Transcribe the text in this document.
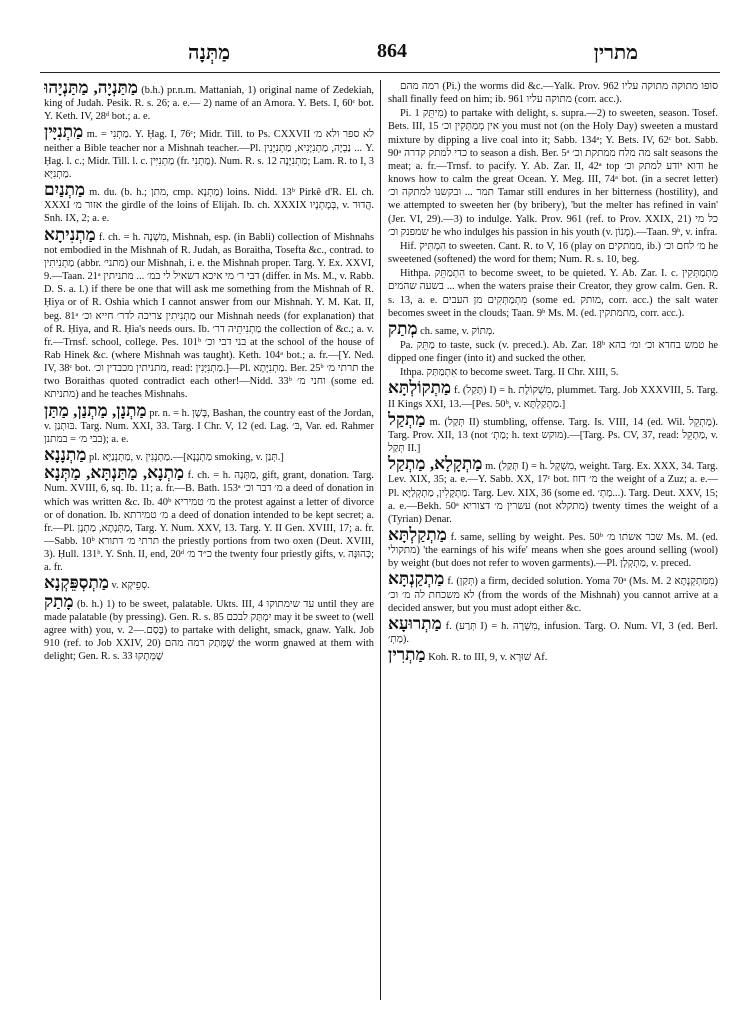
מַתְּנָה	864	מתרין
מַתַּנְיָה, מַתַּנְיָהוּ (b.h.) pr.n.m. Mattaniah, 1) original name of Zedekiah, king of Judah. Pesik. R. s. 26; a. e.— 2) name of an Amora. Y. Bets. I, 60ᶜ bot. Y. Keth. IV, 28ᵈ bot.; a. e.
מַתְנִיָּין m. = מַתְנִי. Y. Ḥag. I, 76ᶜ; Midr. Till. to Ps. CXXVII לא ספר ולא מ׳ neither a Bible teacher nor a Mishnah teacher.—Pl. נַבְיָה, מַתְנִיָּנִיא, מַתְנִיָּנִין ... Y. Ḥag. l. c.; Midr. Till. l. c. מַתְנִיִּין (fr. מַתְנִי). Num. R. s. 12 מַתְנִיָּנָה; Lam. R. to I, 3 מַתְנִיָּא.
מַתְנַיִם m. du. (b. h.; מתן, cmp. מַתְנָא) loins. Nidd. 13ᵇ Pirkê d'R. El. ch. XXXI אזור מ׳ the girdle of the loins of Elijah. Ib. ch. XXXIX בְּמָתְנָיו, v. הֲדוּר. Snh. IX, 2; a. e.
מַתְנִיתָא f. ch. = h. מִשְׁנָה, Mishnah, esp. (in Babli) collection of Mishnahs not embodied in the Mishnah of R. Judah, as Boraitha, Tosefta &c., contrad. to מַתְנִיתִין (abbr. מתני׳) our Mishnah, i. e. the Mishnah proper. Targ. Y. Ex. XXVI, 9.—Taan. 21ᵃ דבי ר׳ מי איכא דשאיל לי במ׳ ... מתניתין (differ. in Ms. M., v. Rabb. D. S. a. l.) if there be one that will ask me something from the Mishnah of R. Ḥiya or of R. Oshia which I cannot answer from our Mishnah. Y. M. Kat. II, beg. 81ᵃ מַתְנִיתִין צריכה לדר׳ חייא וכ׳ our Mishnah needs (for explanation) that of R. Ḥiya, and R. Ḥia's needs ours. Ib. מַתְנִיתֵיה דר׳ the collection of &c.; a. v. fr.—Trnsf. school, college. Pes. 101ᵇ בני דבי וכ׳ at the school of the house of Rab Hinek &c. (where Mishnah was taught). Keth. 104ᵃ bot.; a. fr.—[Y. Ned. IV, 38ᶜ bot. מתניתין מכבדין וכ׳, read: מַתְנִיָּנִין.]—Pl. מַתְנִיָּתָא. Ber. 25ᵇ תרתי מ׳ the two Boraithas quoted contradict each other!—Nidd. 33ᵇ וחני מ׳ (some ed. מתניתא) and he teaches Mishnahs.
מַתְנָן, מַתְנַן, מַתַּן pr. n. = h. בָּשָׁן, Bashan, the country east of the Jordan, v. בּוּתְנַן. Targ. Num. XXI, 33. Targ. I Chr. V, 12 (ed. Lag. בּ׳, Var. ed. Rahmer בבי מ׳ = במתנן); a. e.
מַתְנָנָא pl. מַתְנְנַיָּא, v. מַתְנָנִין.—[מַתְנָנָא smoking, v. תְּנַן.]
מַתְנָא, מַתַּנְתָּא, מַתְּנָא f. ch. = h. מַתָּנָה, gift, grant, donation. Targ. Num. XVIII, 6, sq. Ib. 11; a. fr.—B. Bath. 153ᵃ מ׳ דבר וכ׳ a deed of donation in which was written &c. Ib. 40ᵇ מ׳ טמיריא the protest against a letter of divorce or of donation. Ib. מ׳ טמירתא a deed of donation intended to be kept secret; a. fr.—Pl. מַתְּנָתָא, מַתְנָן, Targ. Y. Num. XXV, 13. Targ. Y. II Gen. XVIII, 17; a. fr.—Sabb. 10ᵇ תרתי מ׳ דתורא the priestly portions from two oxen (Deut. XVIII, 3). Ḥull. 131ᵇ. Y. Snh. II, end, 20ᵈ כ״ד מ׳ the twenty four priestly gifts, v. כְּהוּנָּה; a. fr.
מַתְסְפֵּקְנָא v. סְפֵיקָא.
מָתַק (b. h.) 1) to be sweet, palatable. Ukts. III, 4 עד שימתוקו until they are made palatable (by pressing). Gen. R. s. 85 יִמְתַּק לבכם may it be sweet to (well agree with) you, v. בָּסַם.—2) to partake with delight, smack, gnaw. Yalk. Job 910 (ref. to Job XXIV, 20) שֶׁמָּתַק רמה מהם the worm gnawed at them with delight; Gen. R. s. 33 שֶׁמְּתָקוּ
רמה מהם (Pi.) the worms did &c.—Yalk. Prov. 962 סופו מתוקה מתוקה עליו shall finally feed on him; ib. 961 מתוקה עליו (corr. acc.).
Pi. מִיתֵּק 1) to partake with delight, s. supra.—2) to sweeten, season. Tosef. Bets. III, 15 אין מְמַתְּקִין וכ׳ you must not (on the Holy Day) sweeten a mustard mixture by dipping a live coal into it; Sabb. 134ᵃ; Y. Bets. IV, 62ᶜ bot. Sabb. 90ᵃ כדי למתק קדרה to season a dish. Ber. 5ᵃ מה מלח ממתקת וכ׳ salt seasons the meat; a. fr.—Trnsf. to pacify. Y. Ab. Zar. II, 42ᵃ top ודוא יודע למתק וכ׳ he knows how to calm the great Ocean. Y. Meg. III, 74ᵃ bot. (in a secret letter) תמר ... ובקשנו למתקה וכ׳ Tamar still endures in her bitterness (hostility), and we attempted to sweeten her (by bribery), 'but the melter has refined in vain' (Jer. VI, 29).—3) to indulge. Yalk. Prov. 961 (ref. to Prov. XXIX, 21) כל מי שמפנק וכ׳ he who indulges his passion in his youth (v. מָנוֹן).—Taan. 9ᵇ, v. infra.
Hif. הִמְתִּיק to sweeten. Cant. R. to V, 16 (play on ממתקים, ib.) מ׳ לחם וכ׳ he sweetened (softened) the word for them; Num. R. s. 10, beg.
Hithpa. הִתְמַתֵּק to become sweet, to be quieted. Y. Ab. Zar. I. c. מִתְמַתְּקִין בשעה שהמים ... when the waters praise their Creator, they grow calm. Gen. R. s. 13, a. e. מִתְמַתְּקִים מן העבים (some ed. מותק, corr. acc.) the salt water becomes sweet in the clouds; Taan. 9ᵇ Ms. M. (ed. מתמתקין, corr. acc.).
מְתַק ch. same, v. מְתוֹק.
Pa. מַתֵּק to taste, suck (v. preced.). Ab. Zar. 18ᵇ טמש בחדא וכ׳ ומ׳ בהא he dipped one finger (into it) and sucked the other.
Ithpa. אִתְמַתַּק to become sweet. Targ. II Chr. XIII, 5.
מַתְקוֹלְתָּא f. (תְּקַל) I) = h. מִשְׁקוֹלֶת, plummet. Targ. Job XXXVIII, 5. Targ. II Kings XXI, 13.—[Pes. 50ᵇ, v. מַתְקַלְתָּא.]
מַתְקַל m. (תְּקַל II) stumbling, offense. Targ. Is. VIII, 14 (ed. Wil. מַתְקֵל). Targ. Prov. XII, 13 (not מַתְ׳; h. text מוקש).—[Targ. Ps. CV, 37, read: מַתְקֵל, v. תְּקַל II.]
מַתְקָלָא, מַתְקַל m. (תְּקַל I) = h. מִשְׁקָל, weight. Targ. Ex. XXX, 34. Targ. Lev. XIX, 35; a. e.—Y. Sabb. XX, 17ᶜ bot. מ׳ דזוז the weight of a Zuz; a. e.—Pl. מַתְקָלִין, מַתְקְלַיָּא. Targ. Lev. XIX, 36 (some ed. מַתְ׳...). Targ. Deut. XXV, 15; a. e.—Bekh. 50ᵃ עשרין מ׳ דצוריא (not מתקלא) twenty times the weight of a (Tyrian) Denar.
מַתְקַלְתָּא f. same, selling by weight. Pes. 50ᵇ שכר אשתו מ׳ Ms. M. (ed. מתקולי) 'the earnings of his wife' means when she goes around selling (wool) by weight (but does not refer to woven garments).—Pl. מַתְקְלָן, v. preced.
מַתְקַנְתָּא f. (תְּקַן) a firm, decided solution. Yoma 70ᵃ (Ms. M. 2 מִמַּתְקְנָתָא) לא משכחת לה מ׳ וכ׳ (from the words of the Mishnah) you cannot arrive at a decided answer, but you must adopt either &c.
מַתְרוּעָא f. (תְּרַע I) = h. מִשְׁרָה, infusion. Targ. O. Num. VI, 3 (ed. Berl. מַתְ׳).
מַתְרִין Koh. R. to III, 9, v. שׁוּרָא Af.
